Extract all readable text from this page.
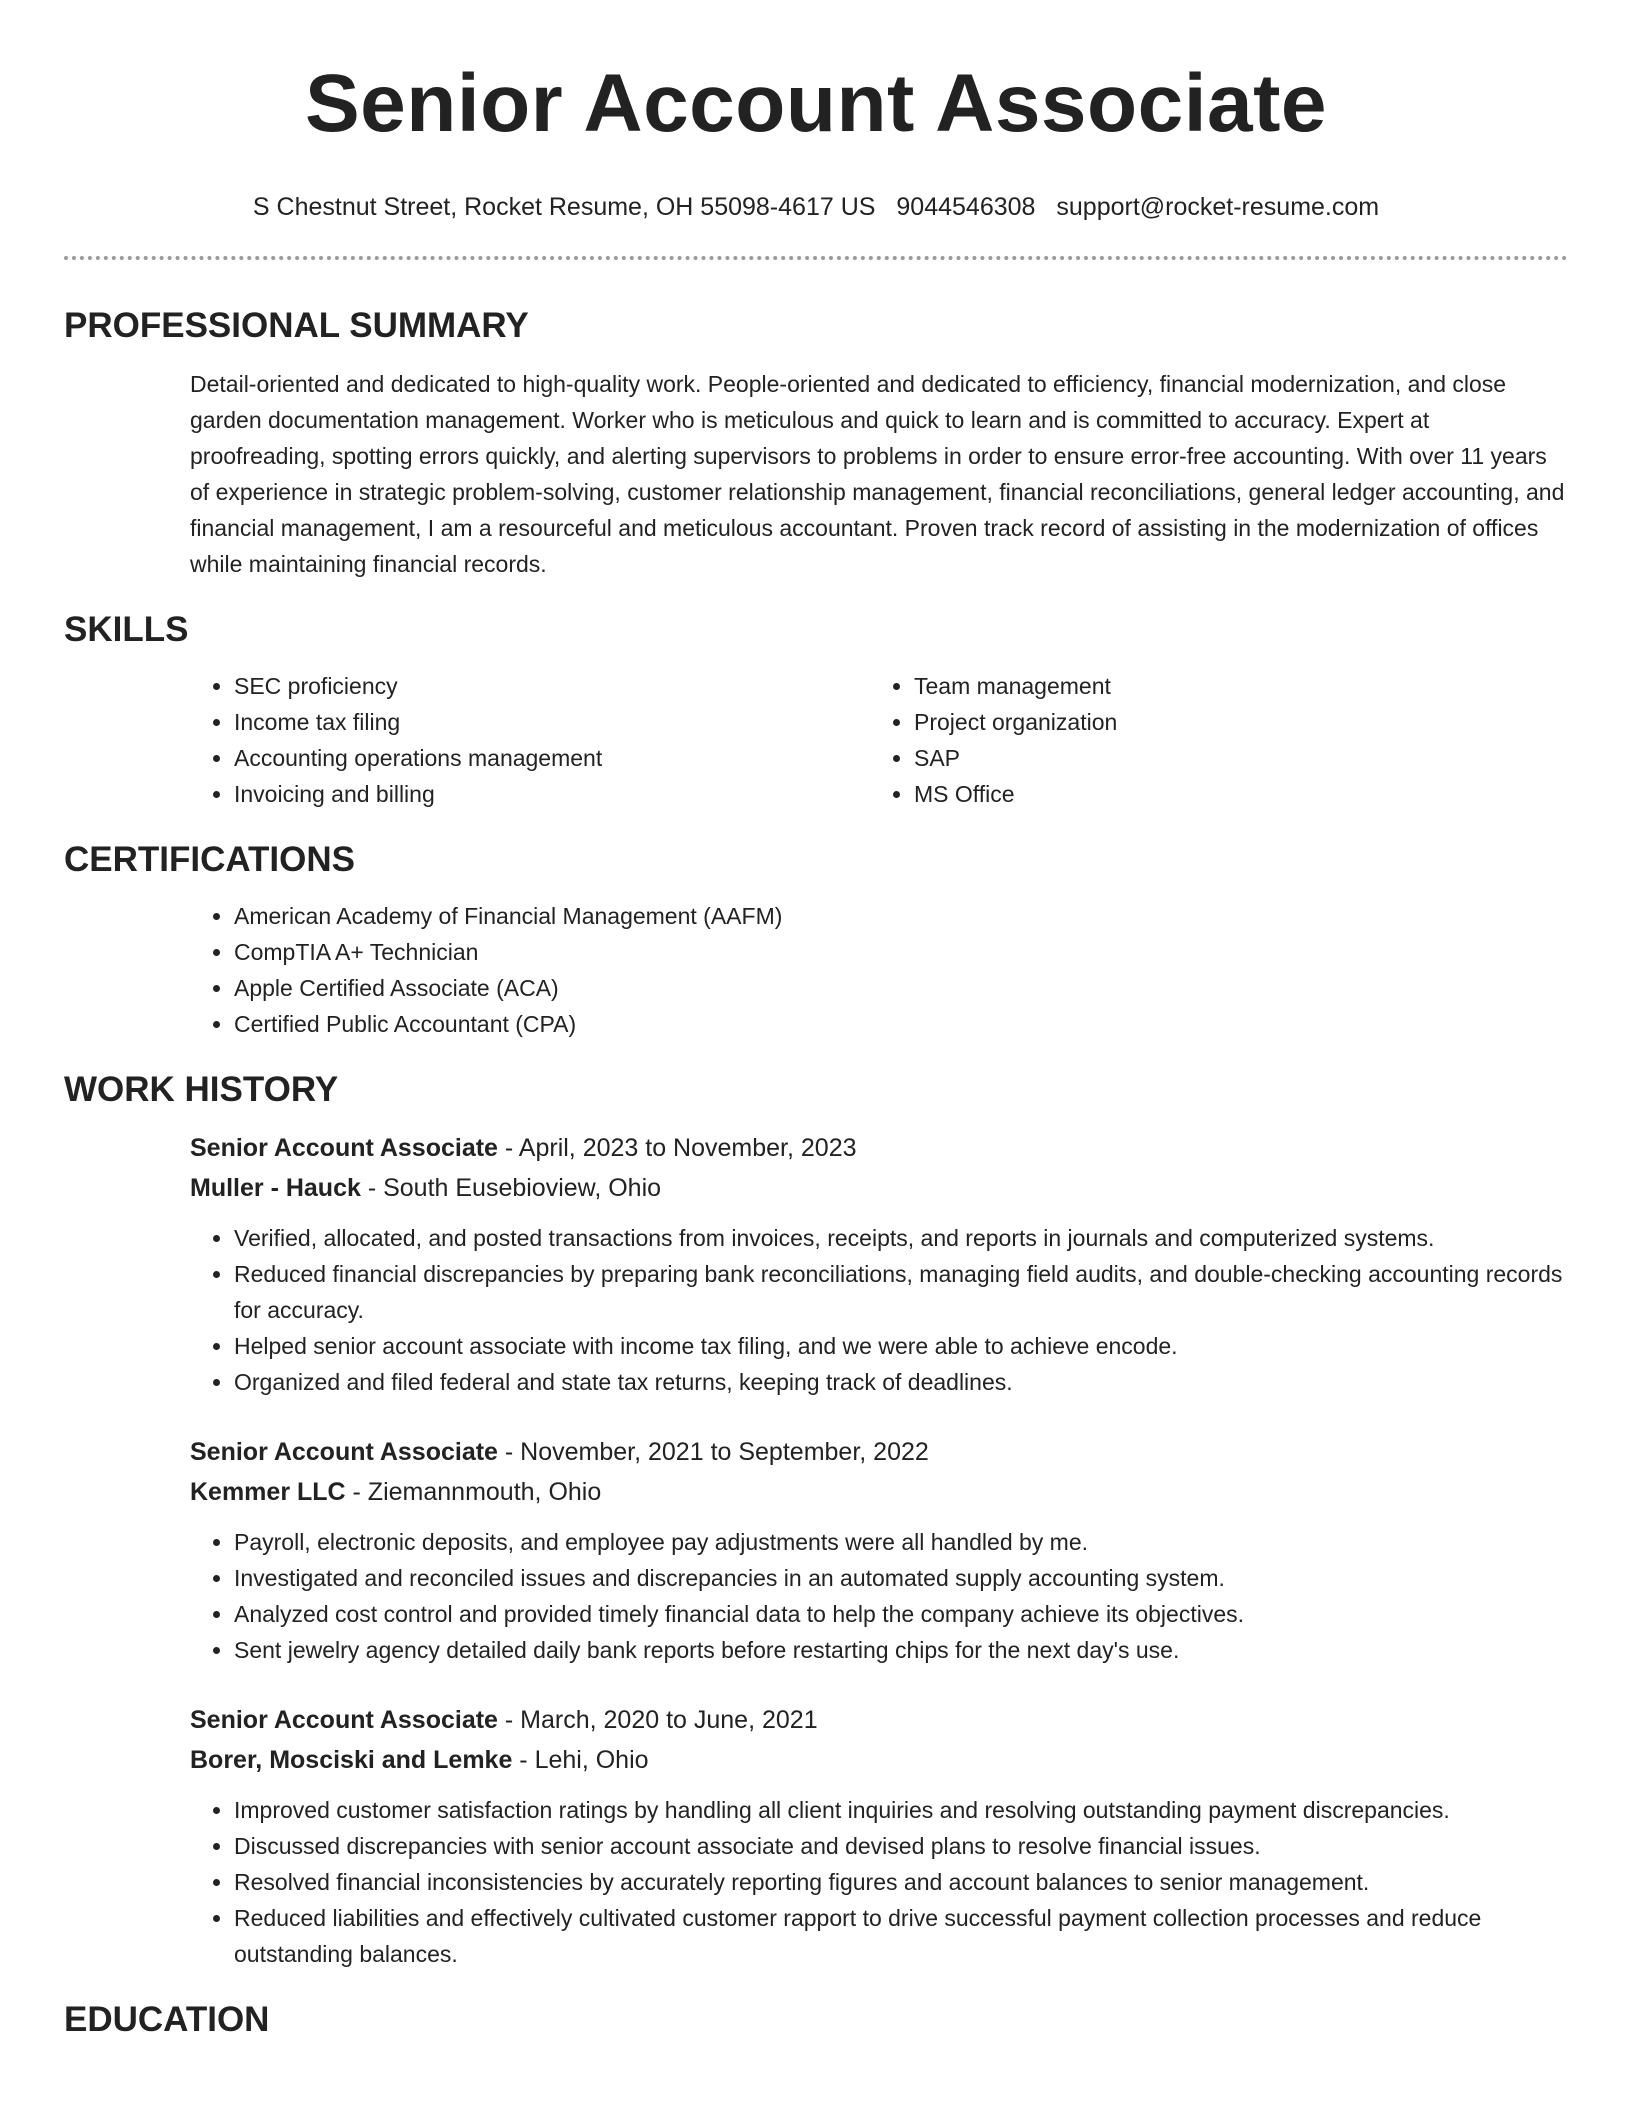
Senior Account Associate
S Chestnut Street, Rocket Resume, OH 55098-4617 US 9044546308 support@rocket-resume.com
PROFESSIONAL SUMMARY

Detail-oriented and dedicated to high-quality work. People-oriented and dedicated to efficiency, financial modernization, and close garden documentation management. Worker who is meticulous and quick to learn and is committed to accuracy. Expert at proofreading, spotting errors quickly, and alerting supervisors to problems in order to ensure error-free accounting. With over 11 years of experience in strategic problem-solving, customer relationship management, financial reconciliations, general ledger accounting, and financial management, I am a resourceful and meticulous accountant. Proven track record of assisting in the modernization of offices while maintaining financial records.

SKILLS
• SEC proficiency
• Income tax filing
• Accounting operations management
• Invoicing and billing
• Team management
• Project organization
• SAP
• MS Office
CERTIFICATIONS
• American Academy of Financial Management (AAFM)
• CompTIA A+ Technician
• Apple Certified Associate (ACA)
• Certified Public Accountant (CPA)
WORK HISTORY
Senior Account Associate - April, 2023 to November, 2023
Muller - Hauck - South Eusebioview, Ohio
• Verified, allocated, and posted transactions from invoices, receipts, and reports in journals and computerized systems.
• Reduced financial discrepancies by preparing bank reconciliations, managing field audits, and double-checking accounting records for accuracy.
• Helped senior account associate with income tax filing, and we were able to achieve encode.
• Organized and filed federal and state tax returns, keeping track of deadlines.
Senior Account Associate - November, 2021 to September, 2022
Kemmer LLC - Ziemannmouth, Ohio
• Payroll, electronic deposits, and employee pay adjustments were all handled by me.
• Investigated and reconciled issues and discrepancies in an automated supply accounting system.
• Analyzed cost control and provided timely financial data to help the company achieve its objectives.
• Sent jewelry agency detailed daily bank reports before restarting chips for the next day's use.
Senior Account Associate - March, 2020 to June, 2021
Borer, Mosciski and Lemke - Lehi, Ohio
• Improved customer satisfaction ratings by handling all client inquiries and resolving outstanding payment discrepancies.
• Discussed discrepancies with senior account associate and devised plans to resolve financial issues.
• Resolved financial inconsistencies by accurately reporting figures and account balances to senior management.
• Reduced liabilities and effectively cultivated customer rapport to drive successful payment collection processes and reduce outstanding balances.
EDUCATION
